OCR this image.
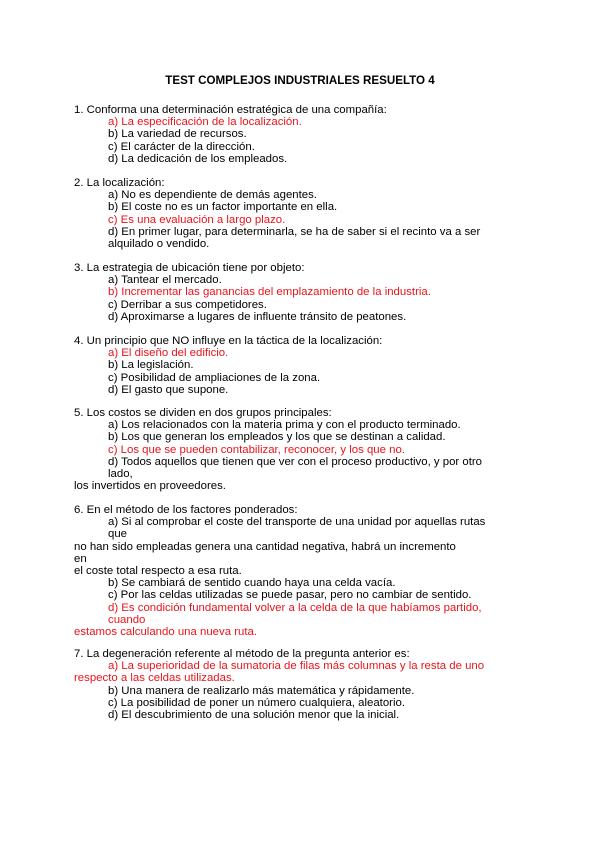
TEST COMPLEJOS INDUSTRIALES RESUELTO 4
1. Conforma una determinación estratégica de una compañía:
a) La especificación de la localización.
b) La variedad de recursos.
c) El carácter de la dirección.
d) La dedicación de los empleados.
2. La localización:
a) No es dependiente de demás agentes.
b) El coste no es un factor importante en ella.
c) Es una evaluación a largo plazo.
d) En primer lugar, para determinarla, se ha de saber si el recinto va a ser
alquilado o vendido.
3. La estrategia de ubicación tiene por objeto:
a) Tantear el mercado.
b) Incrementar las ganancias del emplazamiento de la industria.
c) Derribar a sus competidores.
d) Aproximarse a lugares de influente tránsito de peatones.
4. Un principio que NO influye en la táctica de la localización:
a) El diseño del edificio.
b) La legislación.
c) Posibilidad de ampliaciones de la zona.
d) El gasto que supone.
5. Los costos se dividen en dos grupos principales:
a) Los relacionados con la materia prima y con el producto terminado.
b) Los que generan los empleados y los que se destinan a calidad.
c) Los que se pueden contabilizar, reconocer, y los que no.
d) Todos aquellos que tienen que ver con el proceso productivo, y por otro
lado,
los invertidos en proveedores.
6. En el método de los factores ponderados:
a) Si al comprobar el coste del transporte de una unidad por aquellas rutas
que
no han sido empleadas genera una cantidad negativa, habrá un incremento
en
el coste total respecto a esa ruta.
b) Se cambiará de sentido cuando haya una celda vacía.
c) Por las celdas utilizadas se puede pasar, pero no cambiar de sentido.
d) Es condición fundamental volver a la celda de la que habíamos partido,
cuando
estamos calculando una nueva ruta.
7. La degeneración referente al método de la pregunta anterior es:
a) La superioridad de la sumatoria de filas más columnas y la resta de uno
respecto a las celdas utilizadas.
b) Una manera de realizarlo más matemática y rápidamente.
c) La posibilidad de poner un número cualquiera, aleatorio.
d) El descubrimiento de una solución menor que la inicial.
